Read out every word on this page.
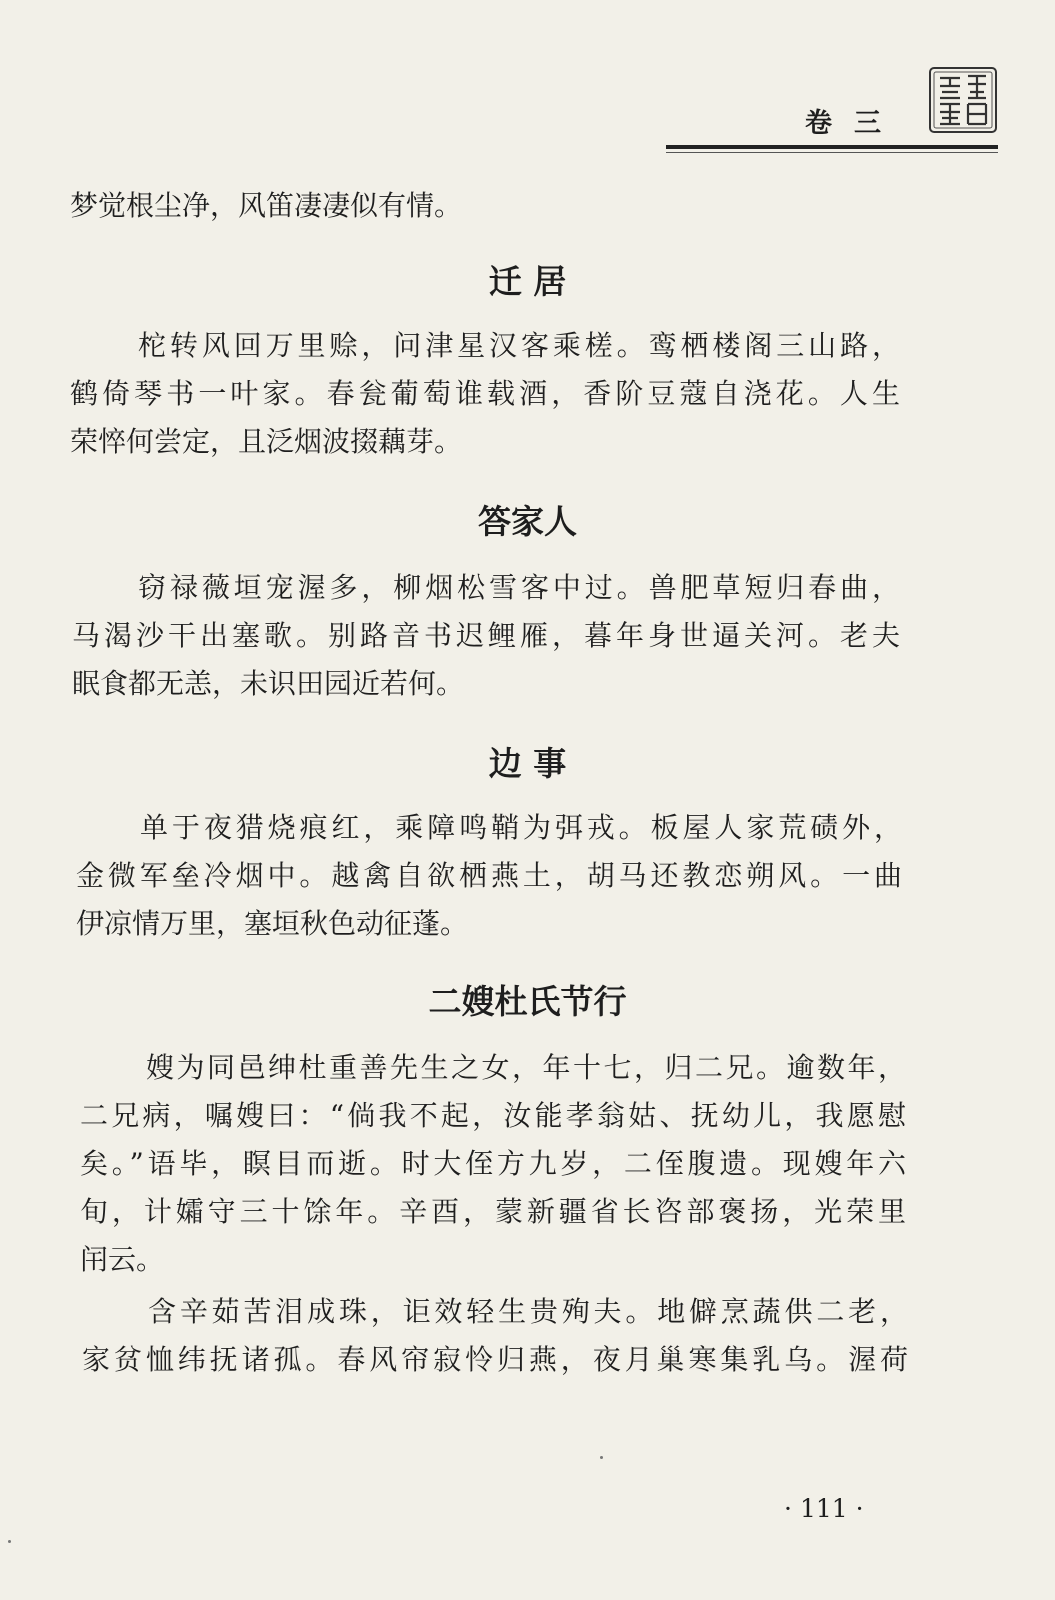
卷三
梦觉根尘净，风笛凄凄似有情。
迁 居
柁转风回万里赊，问津星汉客乘槎。鸾栖楼阁三山路，
鹤倚琴书一叶家。春瓮葡萄谁载酒，香阶豆蔻自浇花。人生
荣悴何尝定，且泛烟波掇藕芽。
答家人
窃禄薇垣宠渥多，柳烟松雪客中过。兽肥草短归春曲，
马渴沙干出塞歌。别路音书迟鲤雁，暮年身世逼关河。老夫
眠食都无恙，未识田园近若何。
边 事
单于夜猎烧痕红，乘障鸣鞘为弭戎。板屋人家荒碛外，
金微军垒冷烟中。越禽自欲栖燕土，胡马还教恋朔风。一曲
伊凉情万里，塞垣秋色动征蓬。
二嫂杜氏节行
嫂为同邑绅杜重善先生之女，年十七，归二兄。逾数年，
二兄病，嘱嫂曰：“倘我不起，汝能孝翁姑、抚幼儿，我愿慰
矣。”语毕，瞑目而逝。时大侄方九岁，二侄腹遗。现嫂年六
旬，计孀守三十馀年。辛酉，蒙新疆省长咨部褒扬，光荣里
闬云。
含辛茹苦泪成珠，讵效轻生贵殉夫。地僻烹蔬供二老，
家贫恤纬抚诸孤。春风帘寂怜归燕，夜月巢寒集乳乌。渥荷
· 111 ·
